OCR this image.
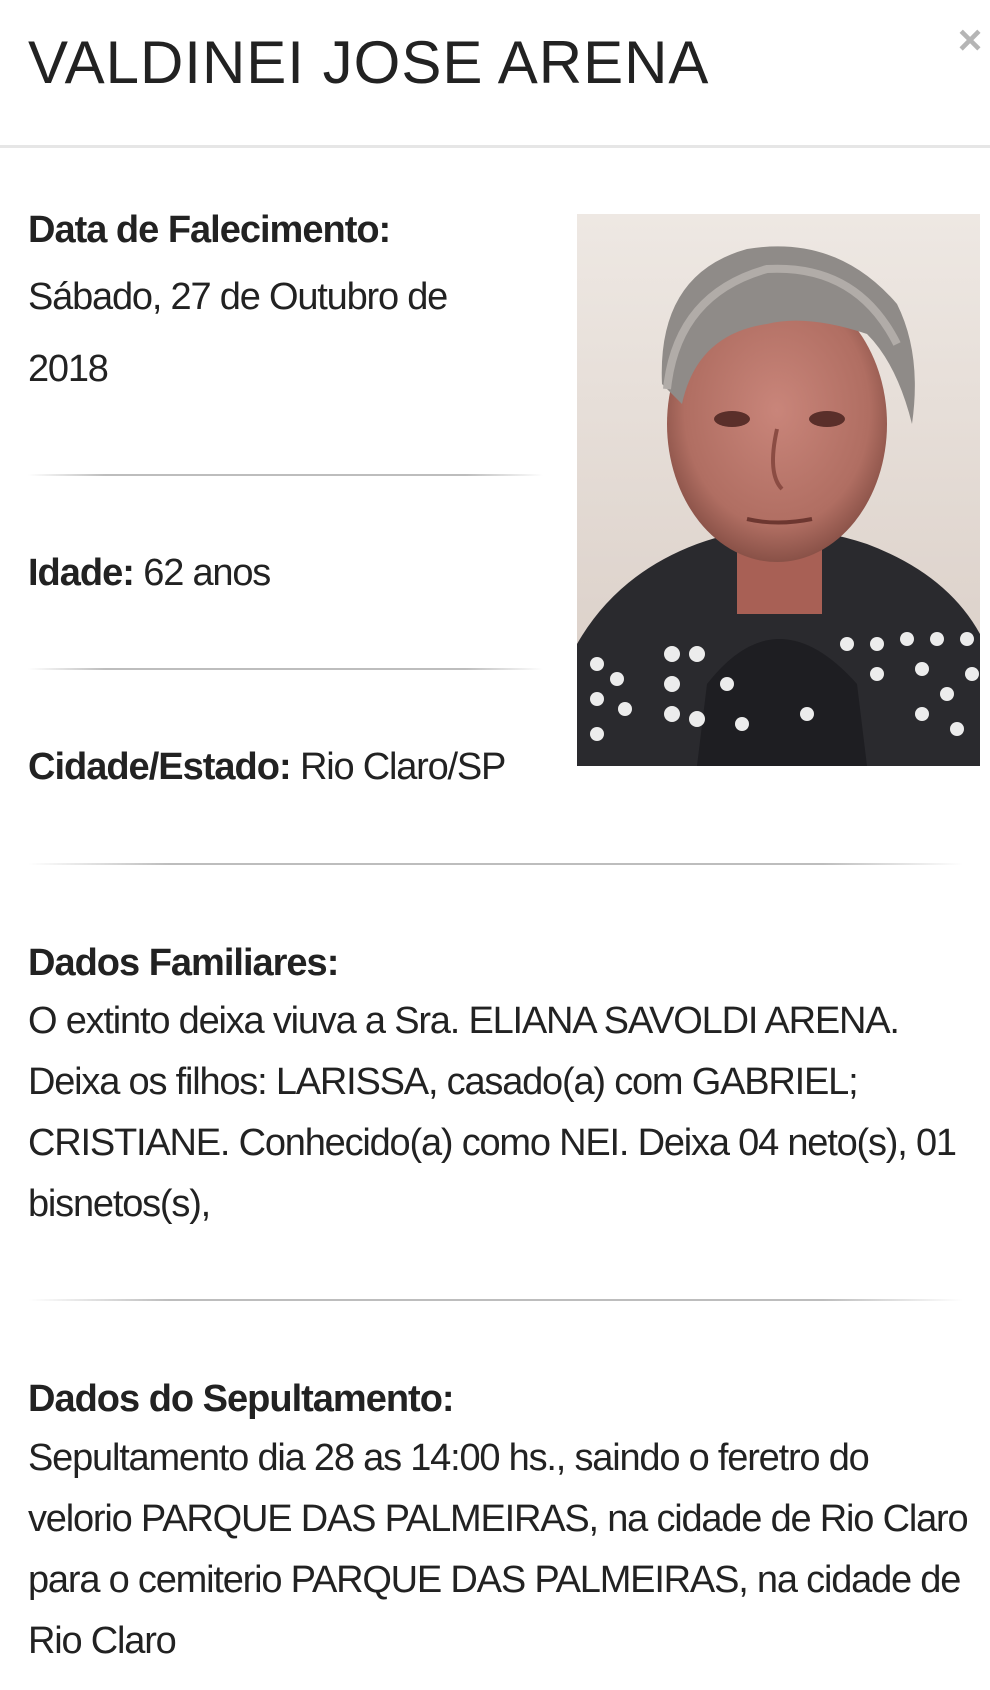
VALDINEI JOSE ARENA	×
Data de Falecimento:
Sábado, 27 de Outubro de
2018
Idade: 62 anos
Cidade/Estado: Rio Claro/SP
Dados Familiares:
O extinto deixa viuva a Sra. ELIANA SAVOLDI ARENA. Deixa os filhos: LARISSA, casado(a) com GABRIEL; CRISTIANE. Conhecido(a) como NEI. Deixa 04 neto(s), 01 bisnetos(s),
Dados do Sepultamento:
Sepultamento dia 28 as 14:00 hs., saindo o feretro do velorio PARQUE DAS PALMEIRAS, na cidade de Rio Claro para o cemiterio PARQUE DAS PALMEIRAS, na cidade de Rio Claro
